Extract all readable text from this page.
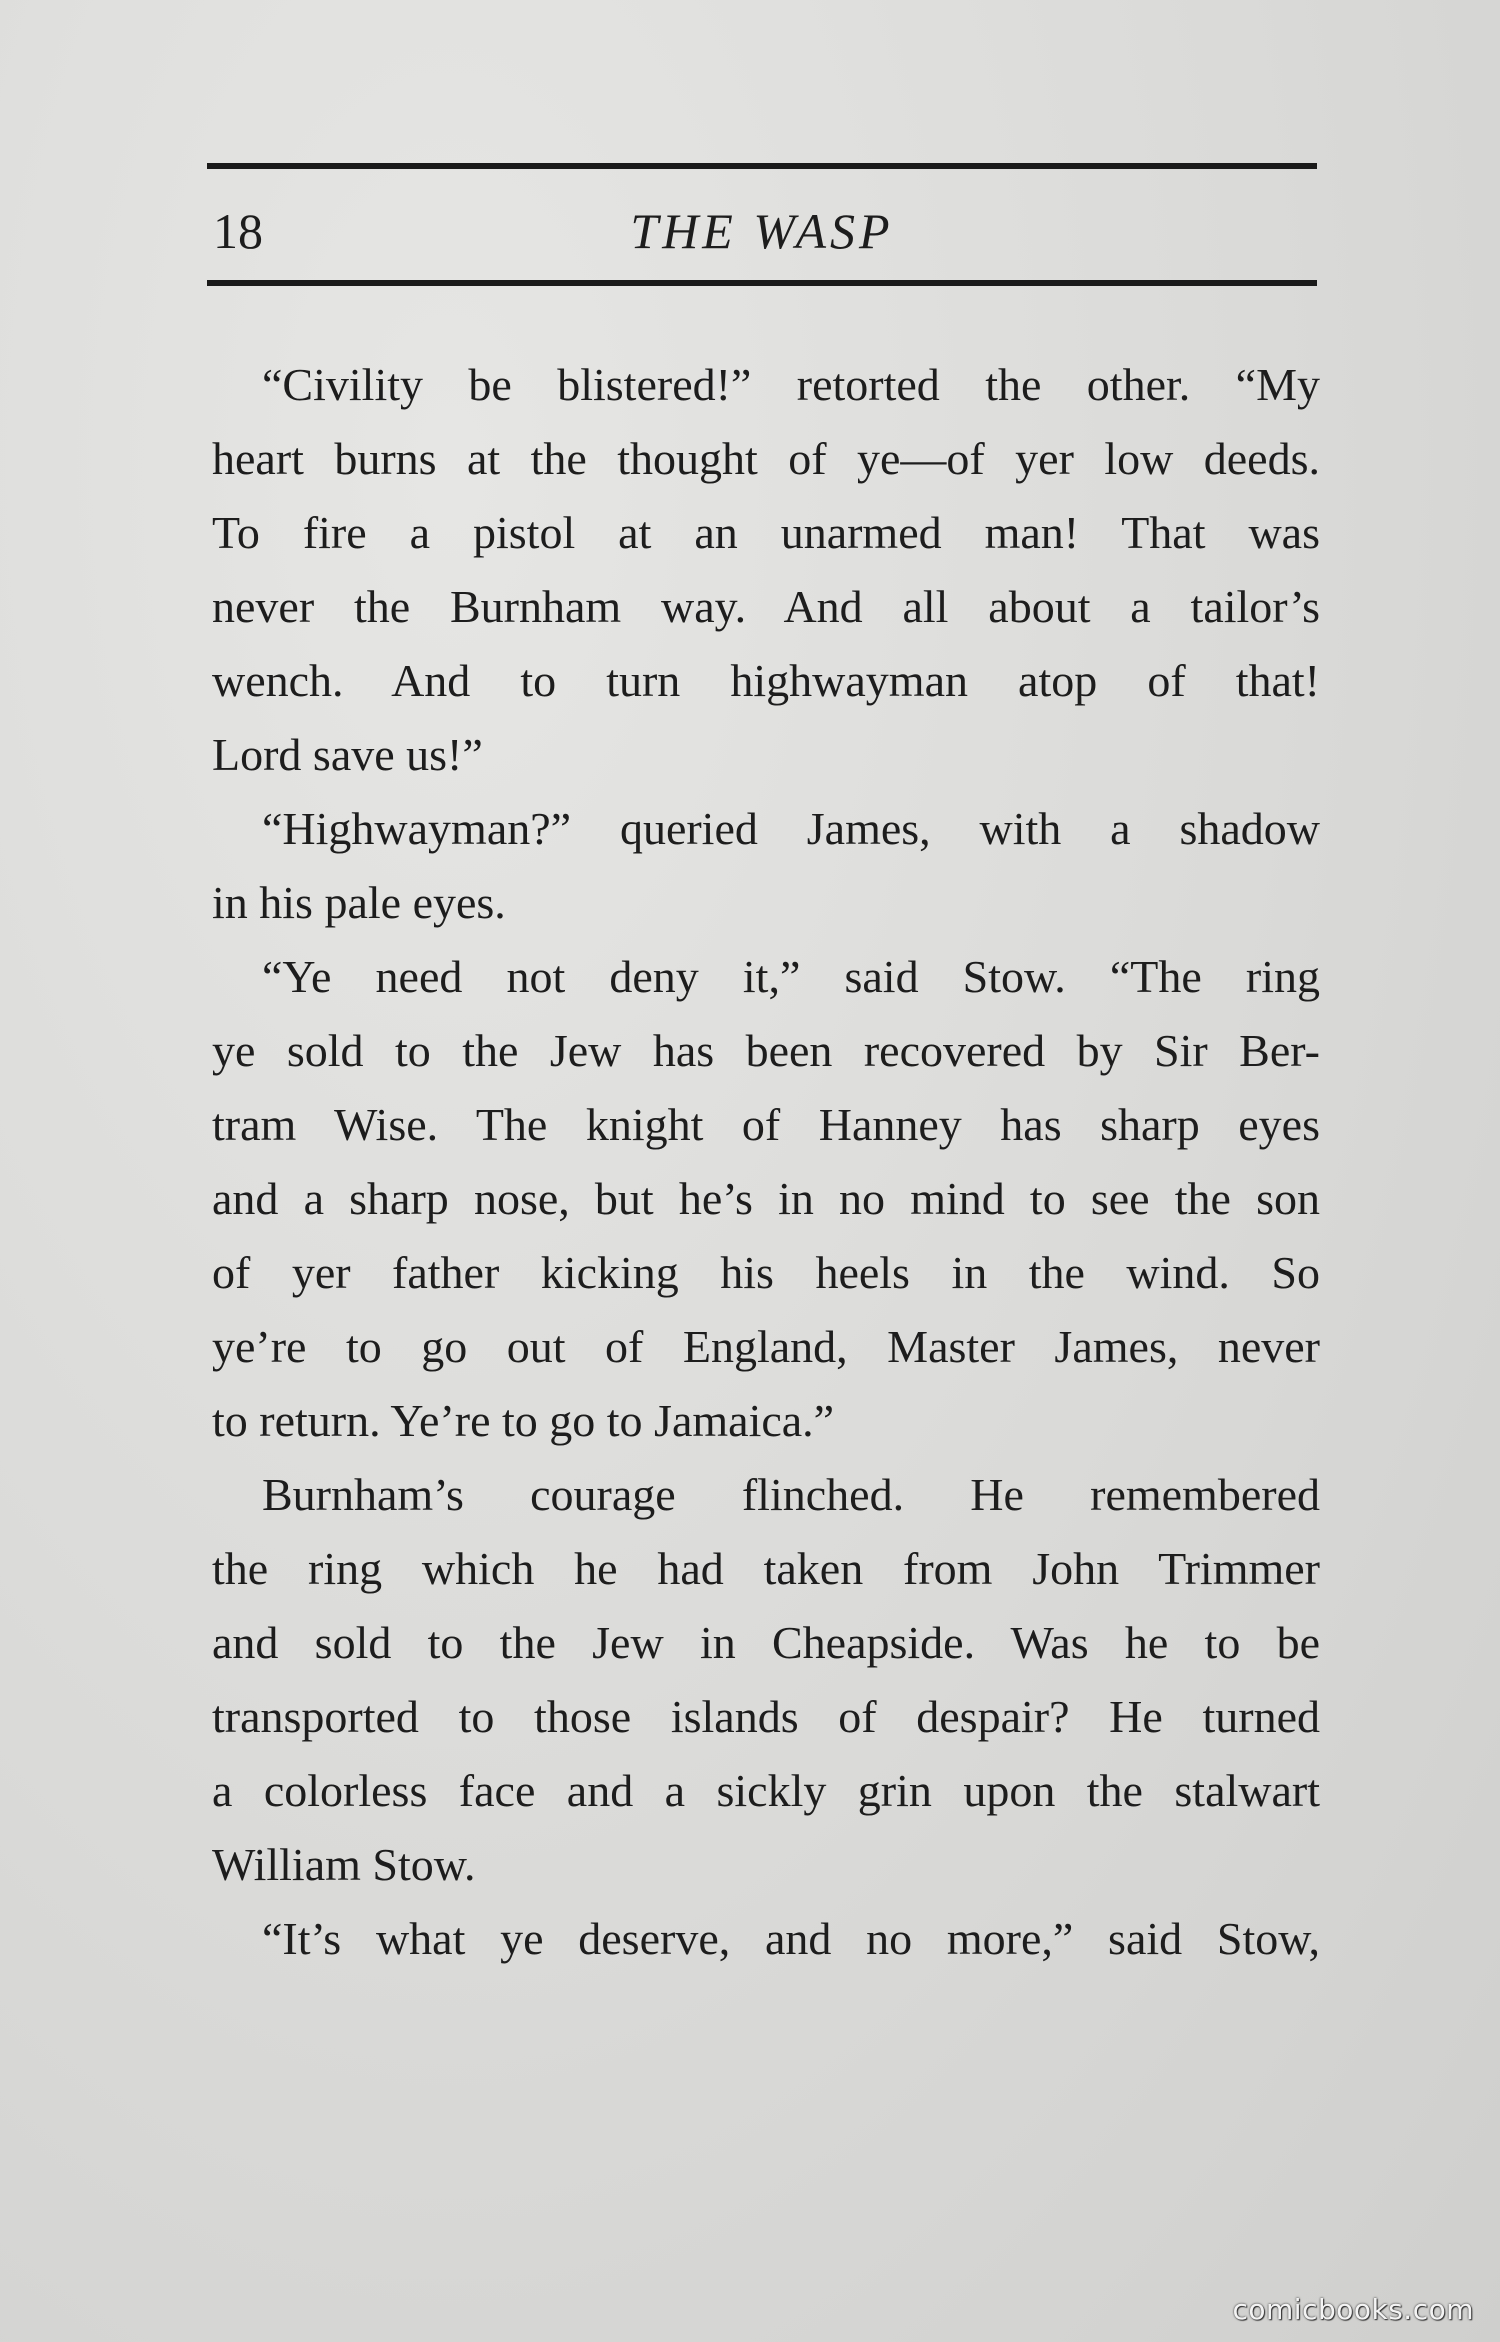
18	THE WASP
“Civility be blistered!” retorted the other. “My
heart burns at the thought of ye—of yer low deeds.
To fire a pistol at an unarmed man! That was
never the Burnham way. And all about a tailor’s
wench. And to turn highwayman atop of that!
Lord save us!”
“Highwayman?” queried James, with a shadow
in his pale eyes.
“Ye need not deny it,” said Stow. “The ring
ye sold to the Jew has been recovered by Sir Ber-
tram Wise. The knight of Hanney has sharp eyes
and a sharp nose, but he’s in no mind to see the son
of yer father kicking his heels in the wind. So
ye’re to go out of England, Master James, never
to return. Ye’re to go to Jamaica.”
Burnham’s courage flinched. He remembered
the ring which he had taken from John Trimmer
and sold to the Jew in Cheapside. Was he to be
transported to those islands of despair? He turned
a colorless face and a sickly grin upon the stalwart
William Stow.
“It’s what ye deserve, and no more,” said Stow,
comicbooks.com
